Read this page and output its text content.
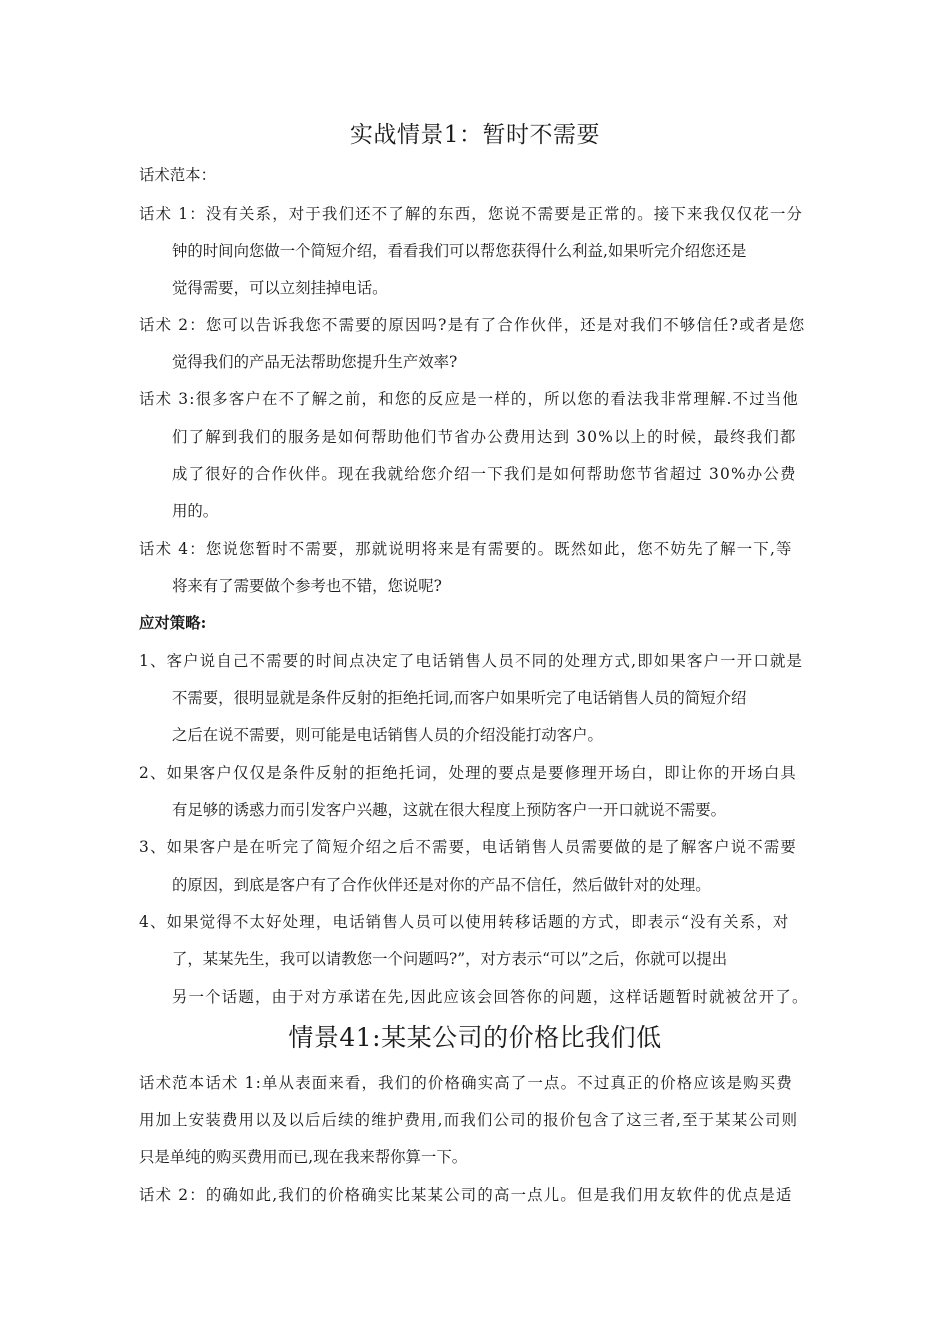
实战情景1：暂时不需要
话术范本：
话术 1：没有关系，对于我们还不了解的东西，您说不需要是正常的。接下来我仅仅花一分
钟的时间向您做一个简短介绍，看看我们可以帮您获得什么利益,如果听完介绍您还是
觉得需要，可以立刻挂掉电话。
话术 2：您可以告诉我您不需要的原因吗?是有了合作伙伴，还是对我们不够信任?或者是您
觉得我们的产品无法帮助您提升生产效率?
话术 3:很多客户在不了解之前，和您的反应是一样的，所以您的看法我非常理解.不过当他
们了解到我们的服务是如何帮助他们节省办公费用达到 30%以上的时候，最终我们都
成了很好的合作伙伴。现在我就给您介绍一下我们是如何帮助您节省超过 30%办公费
用的。
话术 4：您说您暂时不需要，那就说明将来是有需要的。既然如此，您不妨先了解一下,等
将来有了需要做个参考也不错，您说呢?
应对策略:
1、客户说自己不需要的时间点决定了电话销售人员不同的处理方式,即如果客户一开口就是
不需要，很明显就是条件反射的拒绝托词,而客户如果听完了电话销售人员的简短介绍
之后在说不需要，则可能是电话销售人员的介绍没能打动客户。
2、如果客户仅仅是条件反射的拒绝托词，处理的要点是要修理开场白，即让你的开场白具
有足够的诱惑力而引发客户兴趣，这就在很大程度上预防客户一开口就说不需要。
3、如果客户是在听完了简短介绍之后不需要，电话销售人员需要做的是了解客户说不需要
的原因，到底是客户有了合作伙伴还是对你的产品不信任，然后做针对的处理。
4、如果觉得不太好处理，电话销售人员可以使用转移话题的方式，即表示“没有关系，对
了，某某先生，我可以请教您一个问题吗?”，对方表示“可以”之后，你就可以提出
另一个话题，由于对方承诺在先,因此应该会回答你的问题，这样话题暂时就被岔开了。
情景41:某某公司的价格比我们低
话术范本话术 1:单从表面来看，我们的价格确实高了一点。不过真正的价格应该是购买费
用加上安装费用以及以后后续的维护费用,而我们公司的报价包含了这三者,至于某某公司则
只是单纯的购买费用而已,现在我来帮你算一下。
话术 2：的确如此,我们的价格确实比某某公司的高一点儿。但是我们用友软件的优点是适
